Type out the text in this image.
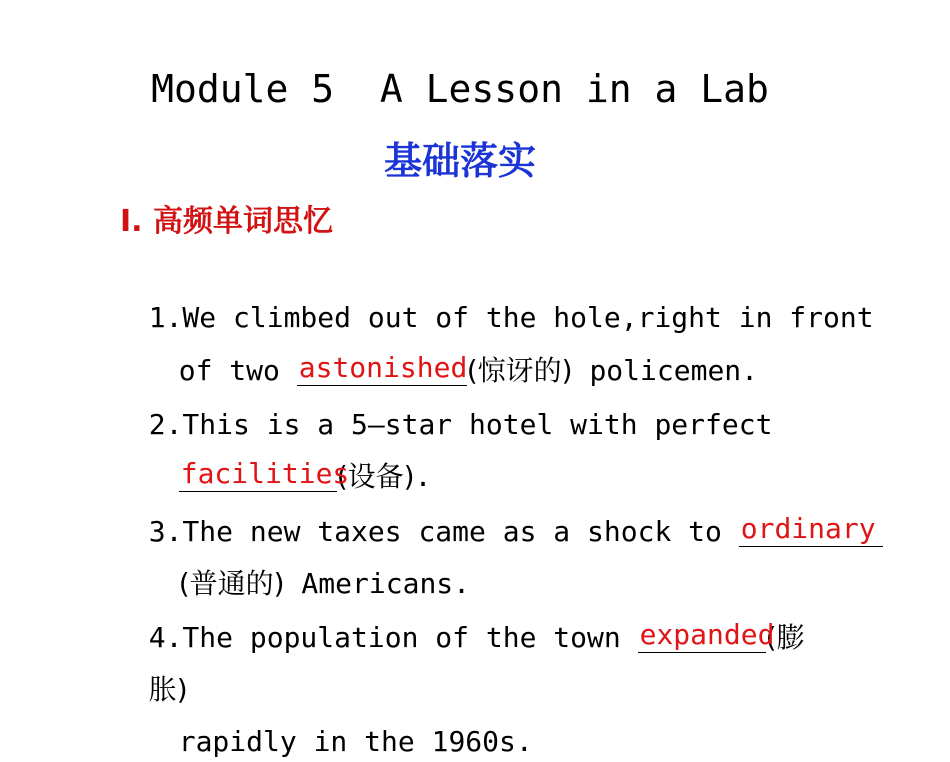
Module 5  A Lesson in a Lab
基础落实
Ⅰ. 高频单词思忆

1.We climbed out of the hole,right in front

of two astonished (惊讶的) policemen.

2.This is a 5–star hotel with perfect

facilities
(设备).

3.The new taxes came as a shock to ordinary

(普通的) Americans.

4.The population of the town expanded
(膨

胀)

rapidly in the 1960s.
